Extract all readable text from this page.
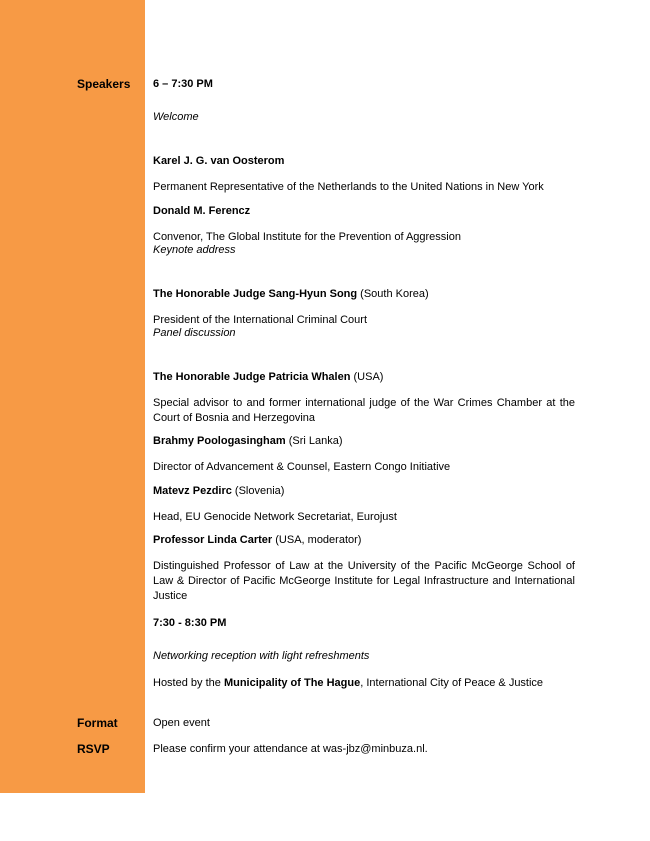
Speakers
Format
RSVP
6 – 7:30 PM
Welcome

Karel J. G. van Oosterom

Permanent Representative of the Netherlands to the United Nations in New York

Donald M. Ferencz

Convenor, The Global Institute for the Prevention of Aggression

Keynote address

The Honorable Judge Sang-Hyun Song (South Korea)

President of the International Criminal Court

Panel discussion

The Honorable Judge Patricia Whalen (USA)

Special advisor to and former international judge of the War Crimes Chamber at the Court of Bosnia and Herzegovina

Brahmy Poologasingham (Sri Lanka)

Director of Advancement & Counsel, Eastern Congo Initiative

Matevz Pezdirc (Slovenia)

Head, EU Genocide Network Secretariat, Eurojust

Professor Linda Carter (USA, moderator)

Distinguished Professor of Law at the University of the Pacific McGeorge School of Law & Director of Pacific McGeorge Institute for Legal Infrastructure and International Justice

7:30 - 8:30 PM
Networking reception with light refreshments
Hosted by the Municipality of The Hague, International City of Peace & Justice
Open event
Please confirm your attendance at was-jbz@minbuza.nl.
